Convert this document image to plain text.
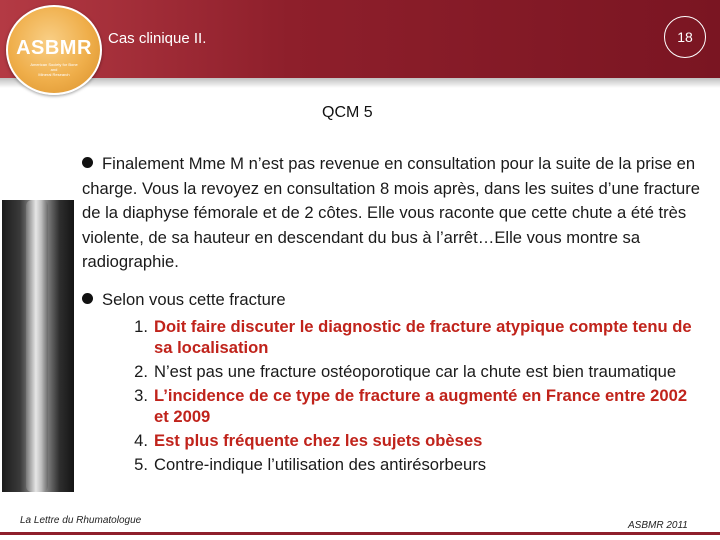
ASBMR
American Society for Bone
and
Mineral Research
Cas clinique II.	18
QCM 5
Finalement Mme M n’est pas revenue en consultation pour la suite de la prise en charge. Vous la revoyez en consultation 8 mois après, dans les suites d’une fracture de la diaphyse fémorale et de 2 côtes. Elle vous raconte que cette chute a été très violente, de sa hauteur en descendant du bus à l’arrêt…Elle vous montre sa radiographie.
Selon vous cette fracture
1. Doit faire discuter le diagnostic de fracture atypique compte tenu de sa localisation
2. N’est pas une fracture ostéoporotique car la chute est bien traumatique
3. L’incidence de ce type de fracture a augmenté en France entre 2002 et 2009
4. Est plus fréquente chez les sujets obèses
5. Contre-indique l’utilisation des antirésorbeurs
La Lettre du Rhumatologue	ASBMR 2011
